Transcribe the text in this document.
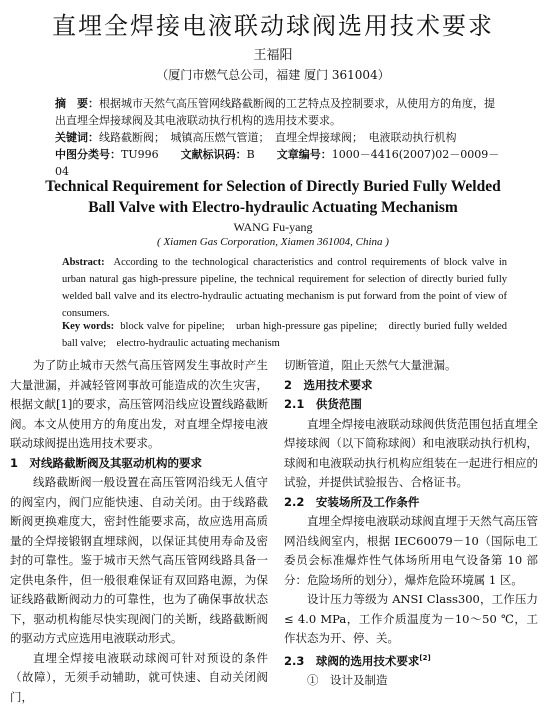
直埋全焊接电液联动球阀选用技术要求
王福阳
（厦门市燃气总公司，福建 厦门 361004）
摘　要：根据城市天然气高压管网线路截断阀的工艺特点及控制要求，从使用方的角度，提出直埋全焊接球阀及其电液联动执行机构的选用技术要求。
关键词：线路截断阀；　城镇高压燃气管道；　直埋全焊接球阀；　电液联动执行机构
中图分类号：TU996 文献标识码：B 文章编号：1000－4416(2007)02－0009－04
Technical Requirement for Selection of Directly Buried Fully Welded Ball Valve with Electro-hydraulic Actuating Mechanism
WANG Fu-yang
( Xiamen Gas Corporation, Xiamen 361004, China )
Abstract: According to the technological characteristics and control requirements of block valve in urban natural gas high-pressure pipeline, the technical requirement for selection of directly buried fully welded ball valve and its electro-hydraulic actuating mechanism is put forward from the point of view of consumers.
Key words: block valve for pipeline;　urban high-pressure gas pipeline;　directly buried fully welded ball valve;　electro-hydraulic actuating mechanism

为了防止城市天然气高压管网发生事故时产生大量泄漏，并减轻管网事故可能造成的次生灾害，根据文献[1]的要求，高压管网沿线应设置线路截断阀。本文从使用方的角度出发，对直埋全焊接电液联动球阀提出选用技术要求。

1　对线路截断阀及其驱动机构的要求

线路截断阀一般设置在高压管网沿线无人值守的阀室内，阀门应能快速、自动关闭。由于线路截断阀更换难度大，密封性能要求高，故应选用高质量的全焊接锻钢直埋球阀，以保证其使用寿命及密封的可靠性。鉴于城市天然气高压管网线路具备一定供电条件，但一般很难保证有双回路电源，为保证线路截断阀动力的可靠性，也为了确保事故状态下，驱动机构能尽快实现阀门的关断，线路截断阀的驱动方式应选用电液联动形式。

直埋全焊接电液联动球阀可针对预设的条件（故障），无须手动辅助，就可快速、自动关闭阀门，

切断管道，阻止天然气大量泄漏。
2　选用技术要求
2.1　供货范围

直埋全焊接电液联动球阀供货范围包括直埋全焊接球阀（以下简称球阀）和电液联动执行机构，球阀和电液联动执行机构应组装在一起进行相应的试验，并提供试验报告、合格证书。

2.2　安装场所及工作条件

直埋全焊接电液联动球阀直埋于天然气高压管网沿线阀室内，根据 IEC60079－10（国际电工委员会标准爆炸性气体场所用电气设备第 10 部分：危险场所的划分），爆炸危险环境属 1 区。

设计压力等级为 ANSI Class300，工作压力≤ 4.0 MPa，工作介质温度为－10～50 ℃，工作状态为开、停、关。

2.3　球阀的选用技术要求[2]

①　设计及制造
